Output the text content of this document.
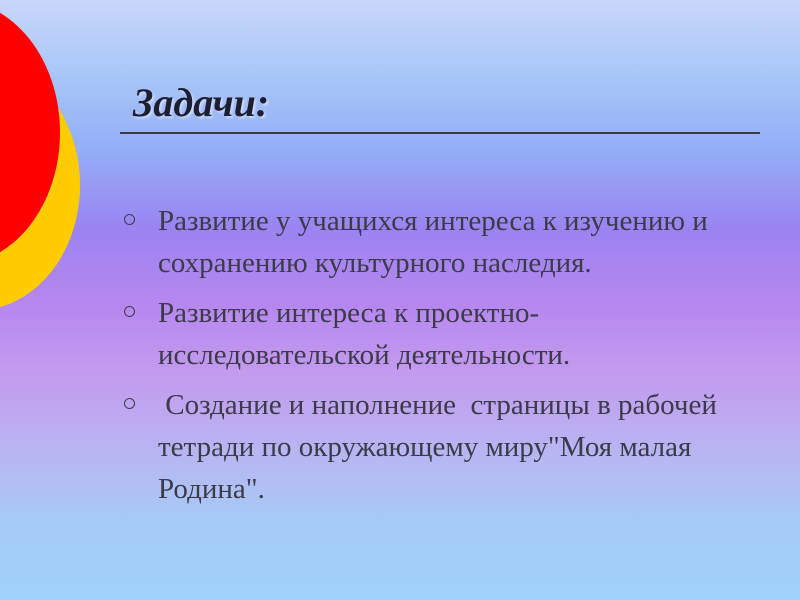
Задачи:
Развитие у учащихся интереса к изучению и сохранению культурного наследия.
Развитие интереса к проектно-исследовательской деятельности.
Создание и наполнение  страницы в рабочей тетради по окружающему миру"Моя малая Родина".
